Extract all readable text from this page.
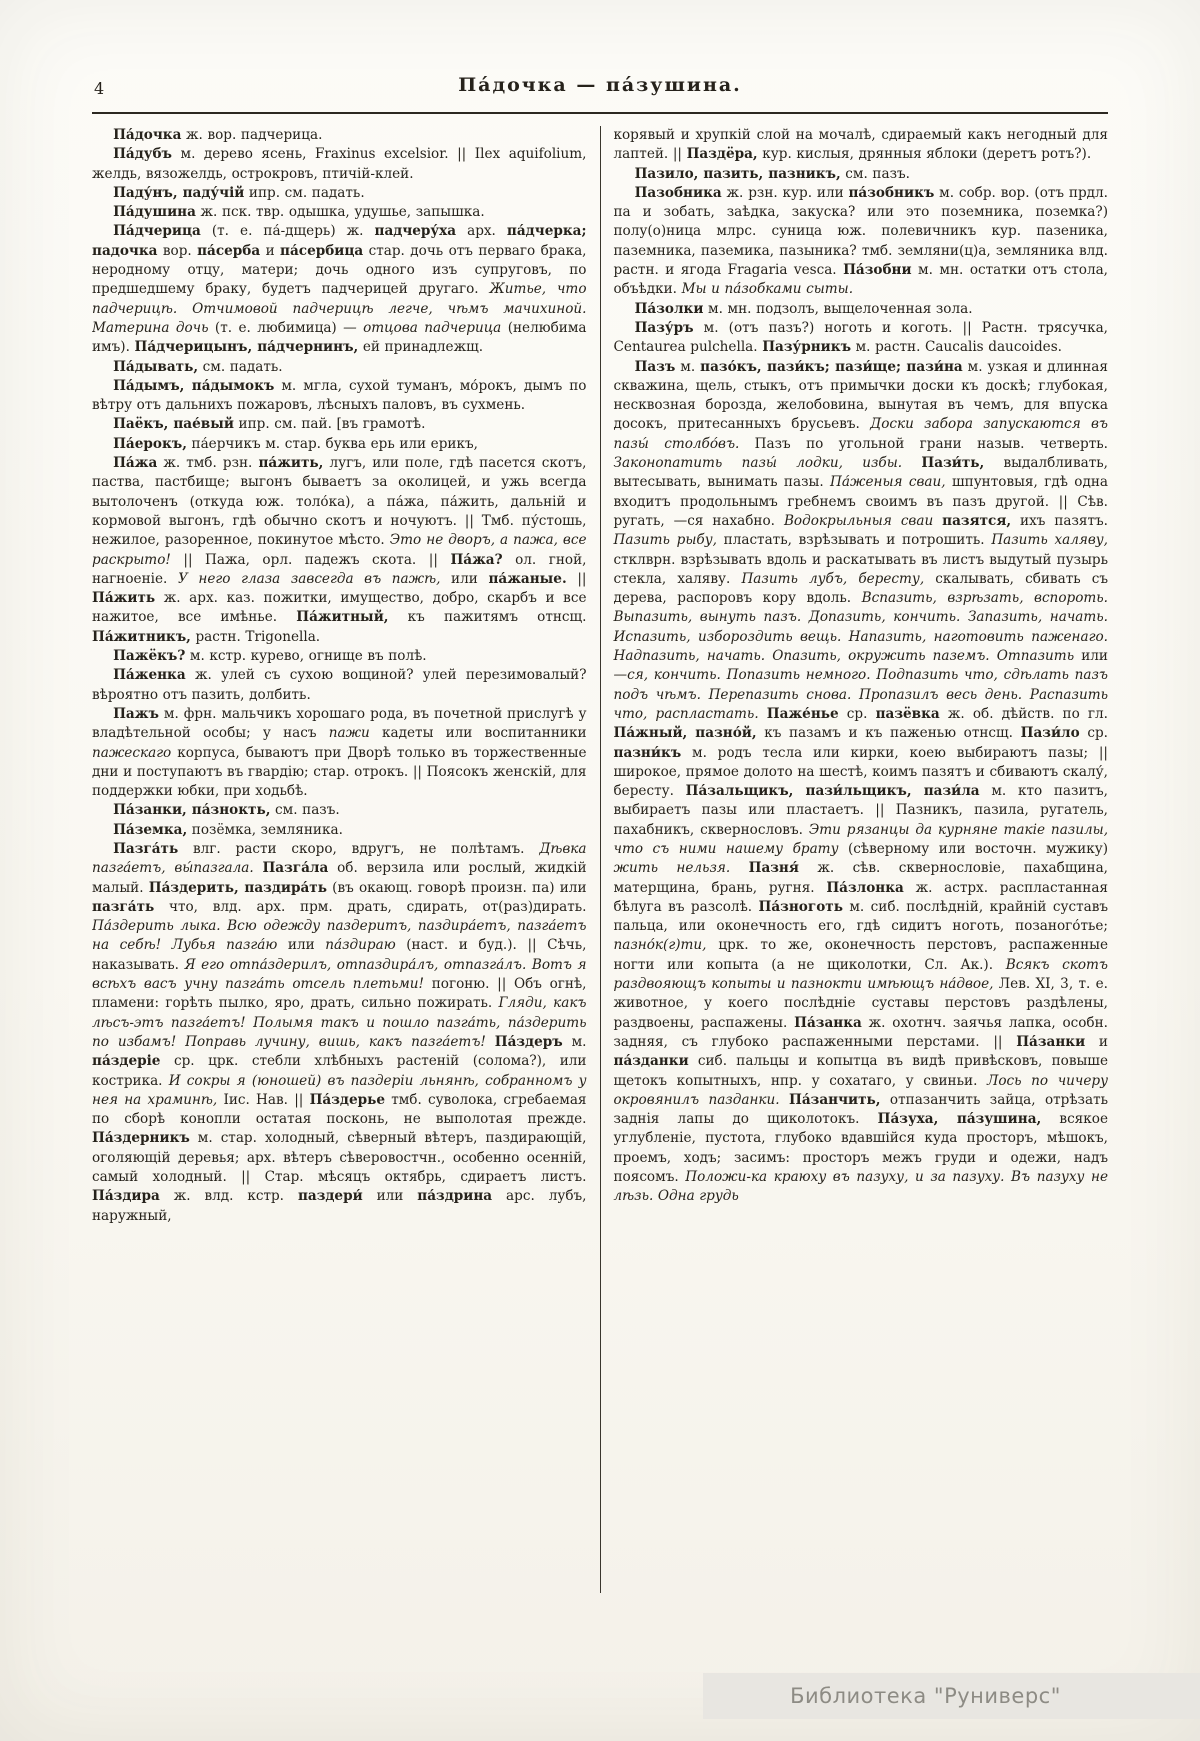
4	Па́дочка — па́зушина.

Па́дочка ж. вор. падчерица.

Па́дубъ м. дерево ясень, Fraxinus excelsior. || Ilex aquifolium, желдь, вязожелдь, острокровъ, птичій-клей.

Паду́нъ, паду́чій ипр. см. падать.

Па́душина ж. пск. твр. одышка, удушье, запышка.

Па́дчерица (т. е. па́-дщерь) ж. падчеру́ха арх. па́дчерка; падочка вор. па́серба и па́сербица стар. дочь отъ перваго брака, неродному отцу, матери; дочь одного изъ супруговъ, по предшедшему браку, будетъ падчерицей другаго. Житье, что падчерицѣ. Отчимовой падчерицѣ легче, чѣмъ мачихиной. Материна дочь (т. е. любимица) — отцова падчерица (нелюбима имъ). Па́дчерицынъ, па́дчернинъ, ей принадлежщ.

Па́дывать, см. падать.

Па́дымъ, па́дымокъ м. мгла, сухой туманъ, мо́рокъ, дымъ по вѣтру отъ дальнихъ пожаровъ, лѣсныхъ паловъ, въ сухмень.

Паёкъ, пае́вый ипр. см. пай. [въ грамотѣ.

Па́ерокъ, па́ерчикъ м. стар. буква ерь или ерикъ,

Па́жа ж. тмб. рзн. па́жить, лугъ, или поле, гдѣ пасется скотъ, паства, пастбище; выгонъ бываетъ за околицей, и ужь всегда вытолоченъ (откуда юж. толо́ка), а па́жа, па́жить, дальній и кормовой выгонъ, гдѣ обычно скотъ и ночуютъ. || Тмб. пу́стошь, нежилое, разоренное, покинутое мѣсто. Это не дворъ, а пажа, все раскрыто! || Пажа, орл. падежъ скота. || Па́жа? ол. гной, нагноеніе. У него глаза завсегда въ пажѣ, или па́жаные. || Па́жить ж. арх. каз. пожитки, имущество, добро, скарбъ и все нажитое, все имѣнье. Па́житный, къ пажитямъ отнсщ. Па́житникъ, растн. Trigonella.

Пажёкъ? м. кстр. курево, огнище въ полѣ.

Па́женка ж. улей съ сухою вощиной? улей перезимовалый? вѣроятно отъ пазить, долбить.

Пажъ м. фрн. мальчикъ хорошаго рода, въ почетной прислугѣ у владѣтельной особы; у насъ пажи кадеты или воспитанники пажескаго корпуса, бываютъ при Дворѣ только въ торжественные дни и поступаютъ въ гвардію; стар. отрокъ. || Поясокъ женскій, для поддержки юбки, при ходьбѣ.

Па́занки, па́знокть, см. пазъ.

Па́земка, позёмка, земляника.

Пазга́ть влг. расти скоро, вдругъ, не полѣтамъ. Дѣвка пазга́етъ, вы́пазгала. Пазга́ла об. верзила или рослый, жидкій малый. Па́здерить, паздира́ть (въ окающ. говорѣ произн. па) или пазга́ть что, влд. арх. прм. драть, сдирать, от(раз)дирать. Па́здерить лыка. Всю одежду паздеритъ, паздира́етъ, пазга́етъ на себѣ! Лубья пазга́ю или па́здираю (наст. и буд.). || Сѣчь, наказывать. Я его отпа́здерилъ, отпаздира́лъ, отпазга́лъ. Вотъ я всѣхъ васъ учну пазга́ть отсель плетьми! погоню. || Объ огнѣ, пламени: горѣть пылко, яро, драть, сильно пожирать. Гляди, какъ лѣсъ-этъ пазга́етъ! Полымя такъ и пошло пазга́ть, па́здерить по избамъ! Поправь лучину, вишь, какъ пазга́етъ! Па́здеръ м. па́здеріе ср. црк. стебли хлѣбныхъ растеній (солома?), или кострика. И сокры я (юношей) въ паздеріи льнянѣ, собранномъ у нея на храминѣ, Іис. Нав. || Па́здерье тмб. суволока, сгребаемая по сборѣ конопли остатая посконь, не выполотая прежде. Па́здерникъ м. стар. холодный, сѣверный вѣтеръ, паздирающій, оголяющій деревья; арх. вѣтеръ сѣверовостчн., особенно осенній, самый холодный. || Стар. мѣсяцъ октябрь, сдираетъ листъ. Па́здира ж. влд. кстр. паздери́ или па́здрина арс. лубъ, наружный,

корявый и хрупкій слой на мочалѣ, сдираемый какъ негодный для лаптей. || Паздёра, кур. кислыя, дрянныя яблоки (деретъ ротъ?).

Пазило, пазить, пазникъ, см. пазъ.

Пазобника ж. рзн. кур. или па́зобникъ м. собр. вор. (отъ прдл. па и зобать, заѣдка, закуска? или это поземника, поземка?) полу(о)ница млрс. суница юж. полевичникъ кур. пазеника, паземника, паземика, пазыника? тмб. земляни(ц)а, земляника влд. растн. и ягода Fragaria vesca. Па́зобни м. мн. остатки отъ стола, объѣдки. Мы и па́зобками сыты.

Па́золки м. мн. подзолъ, выщелоченная зола.

Пазу́ръ м. (отъ пазъ?) ноготь и коготь. || Растн. трясучка, Centaurea pulchella. Пазу́рникъ м. растн. Caucalis daucoides.

Пазъ м. пазо́къ, пази́къ; пази́ще; пази́на м. узкая и длинная скважина, щель, стыкъ, отъ примычки доски къ доскѣ; глубокая, несквозная борозда, желобовина, вынутая въ чемъ, для впуска досокъ, притесанныхъ брусьевъ. Доски забора запускаются въ пазы́ столбо́въ. Пазъ по угольной грани назыв. четверть. Законопатить пазы́ лодки, избы. Пази́ть, выдалбливать, вытесывать, вынимать пазы. Па́женыя сваи, шпунтовыя, гдѣ одна входитъ продольнымъ гребнемъ своимъ въ пазъ другой. || Сѣв. ругать, —ся нахабно. Водокрыльныя сваи пазятся, ихъ пазятъ. Пазить рыбу, пластать, взрѣзывать и потрошить. Пазить халяву, стклврн. взрѣзывать вдоль и раскатывать въ листъ выдутый пузырь стекла, халяву. Пазить лубъ, бересту, скалывать, сбивать съ дерева, распоровъ кору вдоль. Вспазить, взрѣзать, вспороть. Выпазить, вынуть пазъ. Допазить, кончить. Запазить, начать. Испазить, избороздить вещь. Напазить, наготовить паженаго. Надпазить, начать. Опазить, окружить паземъ. Отпазить или —ся, кончить. Попазить немного. Подпазить что, сдѣлать пазъ подъ чѣмъ. Перепазить снова. Пропазилъ весь день. Распазить что, распластать. Паже́нье ср. пазёвка ж. об. дѣйств. по гл. Па́жный, пазно́й, къ пазамъ и къ паженью отнсщ. Пази́ло ср. пазни́къ м. родъ тесла или кирки, коею выбираютъ пазы; || широкое, прямое долото на шестѣ, коимъ пазятъ и сбиваютъ скалу́, бересту. Па́зальщикъ, пази́льщикъ, пази́ла м. кто пазитъ, выбираетъ пазы или пластаетъ. || Пазникъ, пазила, ругатель, пахабникъ, сквернословъ. Эти рязанцы да курняне такіе пазилы, что съ ними нашему брату (сѣверному или восточн. мужику) жить нельзя. Пазня́ ж. сѣв. сквернословіе, пахабщина, матерщина, брань, ругня. Па́злонка ж. астрх. распластанная бѣлуга въ разсолѣ. Па́зноготь м. сиб. послѣдній, крайній суставъ пальца, или оконечность его, гдѣ сидитъ ноготь, позаного́тье; пазно́к(г)ти, црк. то же, оконечность перстовъ, распаженные ногти или копыта (а не щиколотки, Сл. Ак.). Всякъ скотъ раздвояющъ копыты и пазнокти имѣющъ на́двое, Лев. XI, 3, т. е. животное, у коего послѣдніе суставы перстовъ раздѣлены, раздвоены, распажены. Па́занка ж. охотнч. заячья лапка, особн. задняя, съ глубоко распаженными перстами. || Па́занки и па́зданки сиб. пальцы и копытца въ видѣ привѣсковъ, повыше щетокъ копытныхъ, нпр. у сохатаго, у свиньи. Лось по чичеру окровянилъ пазданки. Па́занчить, отпазанчить зайца, отрѣзать заднія лапы до щиколотокъ. Па́зуха, па́зушина, всякое углубленіе, пустота, глубоко вдавшійся куда просторъ, мѣшокъ, проемъ, ходъ; засимъ: просторъ межъ груди и одежи, надъ поясомъ. Положи-ка краюху въ пазуху, и за пазуху. Въ пазуху не лѣзь. Одна грудь

Библиотека "Руниверс"
